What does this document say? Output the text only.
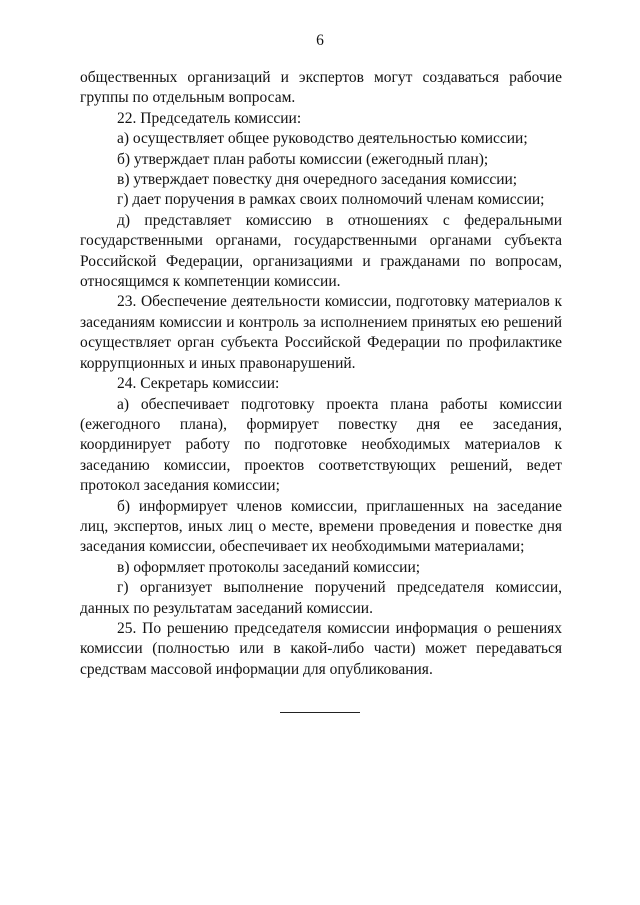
6

общественных организаций и экспертов могут создаваться рабочие группы по отдельным вопросам.

22. Председатель комиссии:

а) осуществляет общее руководство деятельностью комиссии;

б) утверждает план работы комиссии (ежегодный план);

в) утверждает повестку дня очередного заседания комиссии;

г) дает поручения в рамках своих полномочий членам комиссии;

д) представляет комиссию в отношениях с федеральными государственными органами, государственными органами субъекта Российской Федерации, организациями и гражданами по вопросам, относящимся к компетенции комиссии.

23. Обеспечение деятельности комиссии, подготовку материалов к заседаниям комиссии и контроль за исполнением принятых ею решений осуществляет орган субъекта Российской Федерации по профилактике коррупционных и иных правонарушений.

24. Секретарь комиссии:

а) обеспечивает подготовку проекта плана работы комиссии (ежегодного плана), формирует повестку дня ее заседания, координирует работу по подготовке необходимых материалов к заседанию комиссии, проектов соответствующих решений, ведет протокол заседания комиссии;

б) информирует членов комиссии, приглашенных на заседание лиц, экспертов, иных лиц о месте, времени проведения и повестке дня заседания комиссии, обеспечивает их необходимыми материалами;

в) оформляет протоколы заседаний комиссии;

г) организует выполнение поручений председателя комиссии, данных по результатам заседаний комиссии.

25. По решению председателя комиссии информация о решениях комиссии (полностью или в какой-либо части) может передаваться средствам массовой информации для опубликования.
